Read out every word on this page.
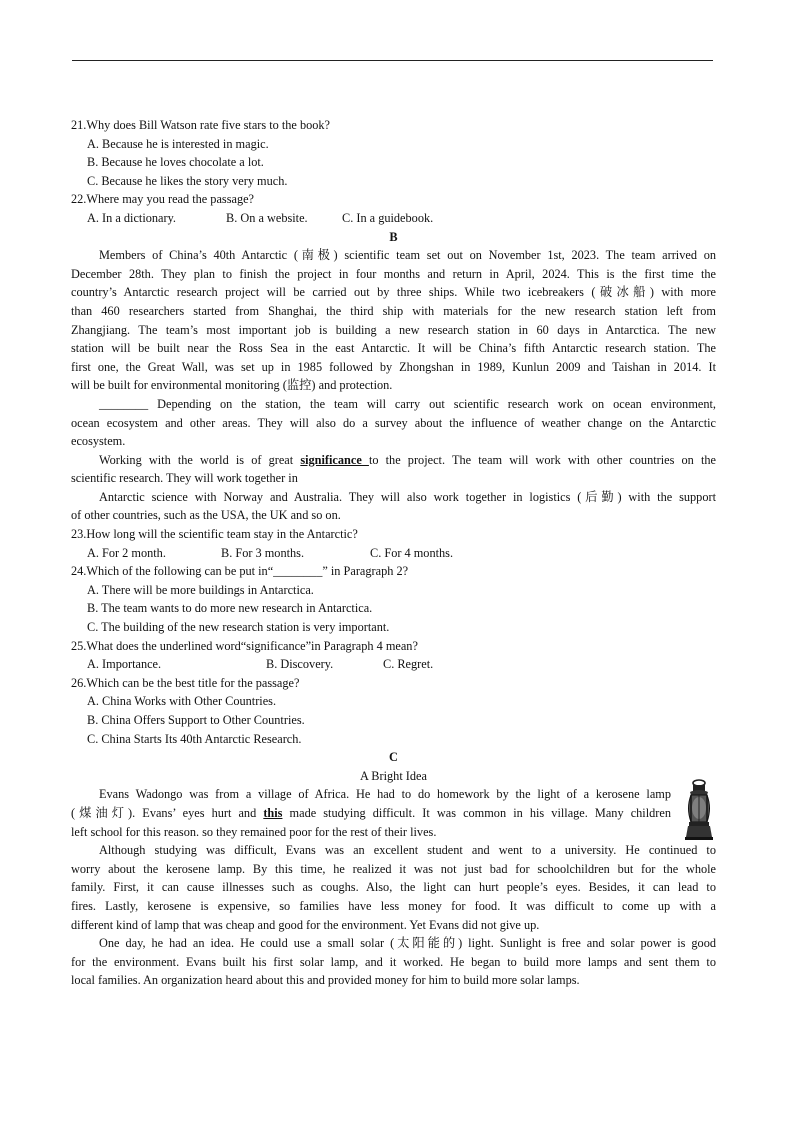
21.Why does Bill Watson rate five stars to the book?
A. Because he is interested in magic.
B. Because he loves chocolate a lot.
C. Because he likes the story very much.
22.Where may you read the passage?
A. In a dictionary.	B. On a website.	C. In a guidebook.
B
Members of China’s 40th Antarctic (南极) scientific team set out on November 1st, 2023. The team arrived on
December 28th. They plan to finish the project in four months and return in April, 2024. This is the first time the
country’s Antarctic research project will be carried out by three ships. While two icebreakers (破冰船) with more
than 460 researchers started from Shanghai, the third ship with materials for the new research station left from
Zhangjiang. The team’s most important job is building a new research station in 60 days in Antarctica. The new
station will be built near the Ross Sea in the east Antarctic. It will be China’s fifth Antarctic research station. The
first one, the Great Wall, was set up in 1985 followed by Zhongshan in 1989, Kunlun 2009 and Taishan in 2014. It
will be built for environmental monitoring (监控) and protection.
________ Depending on the station, the team will carry out scientific research work on ocean environment,
ocean ecosystem and other areas. They will also do a survey about the influence of weather change on the Antarctic
ecosystem.
Working with the world is of great significance to the project. The team will work with other countries on the
scientific research. They will work together in
Antarctic science with Norway and Australia. They will also work together in logistics (后勤) with the support
of other countries, such as the USA, the UK and so on.
23.How long will the scientific team stay in the Antarctic?
A. For 2 month.	B. For 3 months.	C. For 4 months.
24.Which of the following can be put in“________” in Paragraph 2?
A. There will be more buildings in Antarctica.
B. The team wants to do more new research in Antarctica.
C. The building of the new research station is very important.
25.What does the underlined word“significance”in Paragraph 4 mean?
A. Importance.	B. Discovery.	C. Regret.
26.Which can be the best title for the passage?
A. China Works with Other Countries.
B. China Offers Support to Other Countries.
C. China Starts Its 40th Antarctic Research.
C
A Bright Idea
Evans Wadongo was from a village of Africa. He had to do homework by the light of a kerosene lamp
(煤油灯). Evans’ eyes hurt and this made studying difficult. It was common in his village. Many children
left school for this reason. so they remained poor for the rest of their lives.
Although studying was difficult, Evans was an excellent student and went to a university. He continued to
worry about the kerosene lamp. By this time, he realized it was not just bad for schoolchildren but for the whole
family. First, it can cause illnesses such as coughs. Also, the light can hurt people’s eyes. Besides, it can lead to
fires. Lastly, kerosene is expensive, so families have less money for food. It was difficult to come up with a
different kind of lamp that was cheap and good for the environment. Yet Evans did not give up.
One day, he had an idea. He could use a small solar (太阳能的) light. Sunlight is free and solar power is good
for the environment. Evans built his first solar lamp, and it worked. He began to build more lamps and sent them to
local families. An organization heard about this and provided money for him to build more solar lamps.
